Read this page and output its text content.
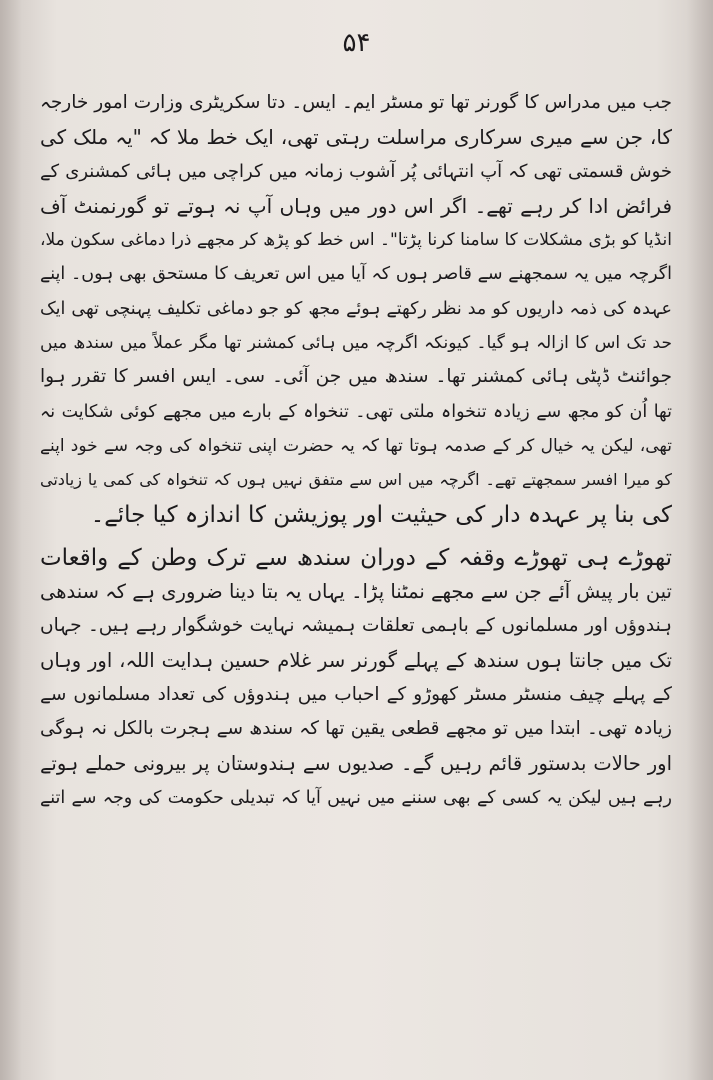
۵۴
جب میں مدراس کا گورنر تھا تو مسٹر ایم۔ ایس۔ دتا سکریٹری وزارت امور خارجہ
کا، جن سے میری سرکاری مراسلت رہتی تھی، ایک خط ملا کہ "یہ ملک کی
خوش قسمتی تھی کہ آپ انتہائی پُر آشوب زمانہ میں کراچی میں ہائی کمشنری کے
فرائض ادا کر رہے تھے۔ اگر اس دور میں وہاں آپ نہ ہوتے تو گورنمنٹ آف
انڈیا کو بڑی مشکلات کا سامنا کرنا پڑتا"۔ اس خط کو پڑھ کر مجھے ذرا دماغی سکون ملا،
اگرچہ میں یہ سمجھنے سے قاصر ہوں کہ آیا میں اس تعریف کا مستحق بھی ہوں۔ اپنے
عہدہ کی ذمہ داریوں کو مد نظر رکھتے ہوئے مجھ کو جو دماغی تکلیف پہنچی تھی ایک
حد تک اس کا ازالہ ہو گیا۔ کیونکہ اگرچہ میں ہائی کمشنر تھا مگر عملاً میں سندھ میں
جوائنٹ ڈپٹی ہائی کمشنر تھا۔ سندھ میں جن آئی۔ سی۔ ایس افسر کا تقرر ہوا
تھا اُن کو مجھ سے زیادہ تنخواہ ملتی تھی۔ تنخواہ کے بارے میں مجھے کوئی شکایت نہ
تھی، لیکن یہ خیال کر کے صدمہ ہوتا تھا کہ یہ حضرت اپنی تنخواہ کی وجہ سے خود اپنے
کو میرا افسر سمجھتے تھے۔ اگرچہ میں اس سے متفق نہیں ہوں کہ تنخواہ کی کمی یا زیادتی
کی بنا پر عہدہ دار کی حیثیت اور پوزیشن کا اندازہ کیا جائے۔
تھوڑے ہی تھوڑے وقفہ کے دوران سندھ سے ترک وطن کے واقعات
تین بار پیش آئے جن سے مجھے نمٹنا پڑا۔ یہاں یہ بتا دینا ضروری ہے کہ سندھی
ہندوؤں اور مسلمانوں کے باہمی تعلقات ہمیشہ نہایت خوشگوار رہے ہیں۔ جہاں
تک میں جانتا ہوں سندھ کے پہلے گورنر سر غلام حسین ہدایت اللہ، اور وہاں
کے پہلے چیف منسٹر مسٹر کھوڑو کے احباب میں ہندوؤں کی تعداد مسلمانوں سے
زیادہ تھی۔ ابتدا میں تو مجھے قطعی یقین تھا کہ سندھ سے ہجرت بالکل نہ ہوگی
اور حالات بدستور قائم رہیں گے۔ صدیوں سے ہندوستان پر بیرونی حملے ہوتے
رہے ہیں لیکن یہ کسی کے بھی سننے میں نہیں آیا کہ تبدیلی حکومت کی وجہ سے اتنے
